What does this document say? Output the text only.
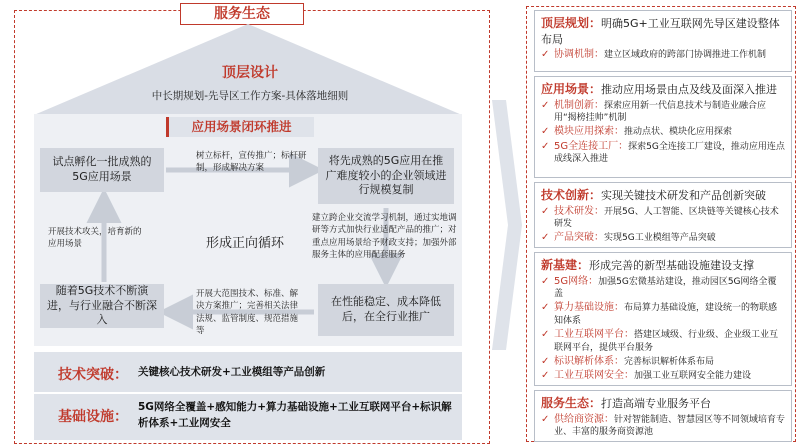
服务生态
顶层设计
中长期规划-先导区工作方案-具体落地细则
应用场景闭环推进
试点孵化一批成熟的5G应用场景
将先成熟的5G应用在推广难度较小的企业领域进行规模复制
在性能稳定、成本降低后，在全行业推广
随着5G技术不断演进，与行业融合不断深入
树立标杆，宣传推广；标杆研制，形成解决方案
建立跨企业交流学习机制，通过实地调研等方式加快行业适配产品的推广；对重点应用场景给予财政支持；加强外部服务主体的应用配套服务
开展大范围技术、标准、解决方案推广；完善相关法律法规、监管制度、规范措施等
开展技术攻关，培育新的应用场景	形成正向循环
技术突破： 关键核心技术研发+工业模组等产品创新
基础设施：
5G网络全覆盖+感知能力+算力基础设施+工业互联网平台+标识解析体系+工业网安全
顶层规划：明确5G+工业互联网先导区建设整体布局
✓ 协调机制：建立区域政府的跨部门协调推进工作机制
应用场景：推动应用场景由点及线及面深入推进
✓ 机制创新：探索应用新一代信息技术与制造业融合应用“揭榜挂帅”机制
✓ 模块应用探索：推动点状、模块化应用探索
✓ 5G全连接工厂：探索5G全连接工厂建设，推动应用连点成线深入推进
技术创新：实现关键技术研发和产品创新突破
✓ 技术研发：开展5G、人工智能、区块链等关键核心技术研发
✓ 产品突破：实现5G工业模组等产品突破
新基建：形成完善的新型基础设施建设支撑
✓ 5G网络：加强5G宏微基站建设，推动园区5G网络全覆盖
✓ 算力基础设施：布局算力基础设施，建设统一的物联感知体系
✓ 工业互联网平台：搭建区域级、行业级、企业级工业互联网平台，提供平台服务
✓ 标识解析体系：完善标识解析体系布局
✓ 工业互联网安全：加强工业互联网安全能力建设
服务生态：打造高端专业服务平台
✓ 供给商资源：针对智能制造、智慧园区等不同领域培育专业、丰富的服务商资源池
